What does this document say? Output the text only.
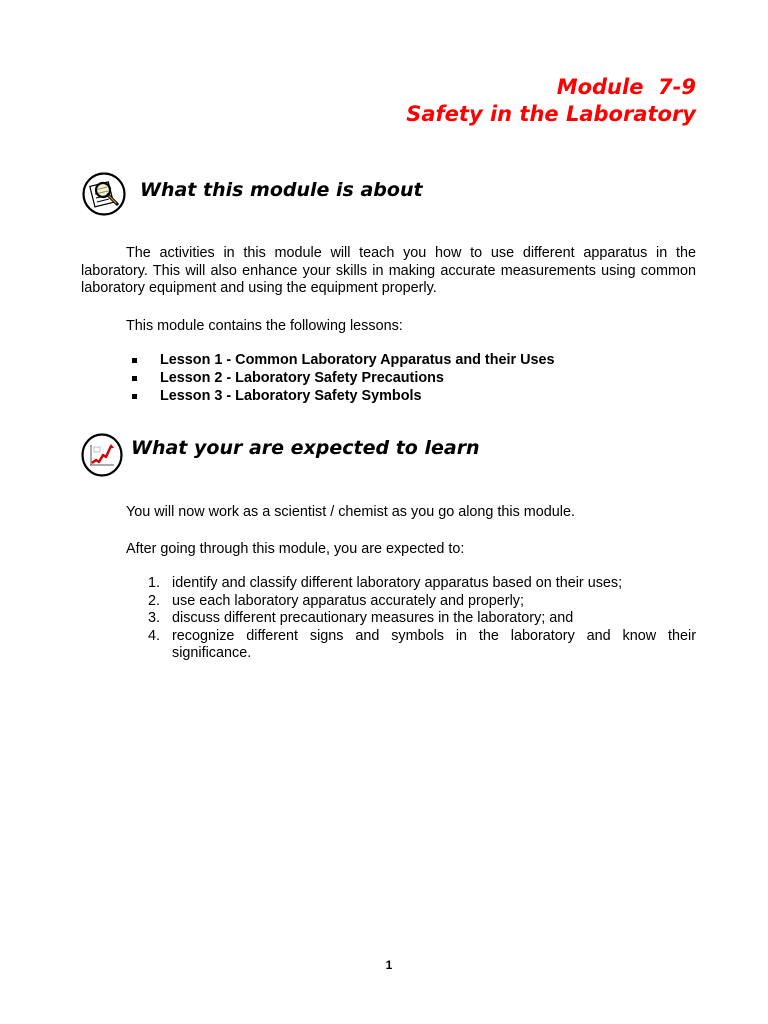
Module  7-9
Safety in the Laboratory
What this module is about
The activities in this module will teach you how to use different apparatus in the laboratory. This will also enhance your skills in making accurate measurements using common laboratory equipment and using the equipment properly.
This module contains the following lessons:
Lesson 1 - Common Laboratory Apparatus and their Uses
Lesson 2 - Laboratory Safety Precautions
Lesson 3 - Laboratory Safety Symbols
What your are expected to learn
You will now work as a scientist / chemist as you go along this module.
After going through this module, you are expected to:
1. identify and classify different laboratory apparatus based on their uses;
2. use each laboratory apparatus accurately and properly;
3. discuss different precautionary measures in the laboratory; and
4. recognize different signs and symbols in the laboratory and know their significance.
1
